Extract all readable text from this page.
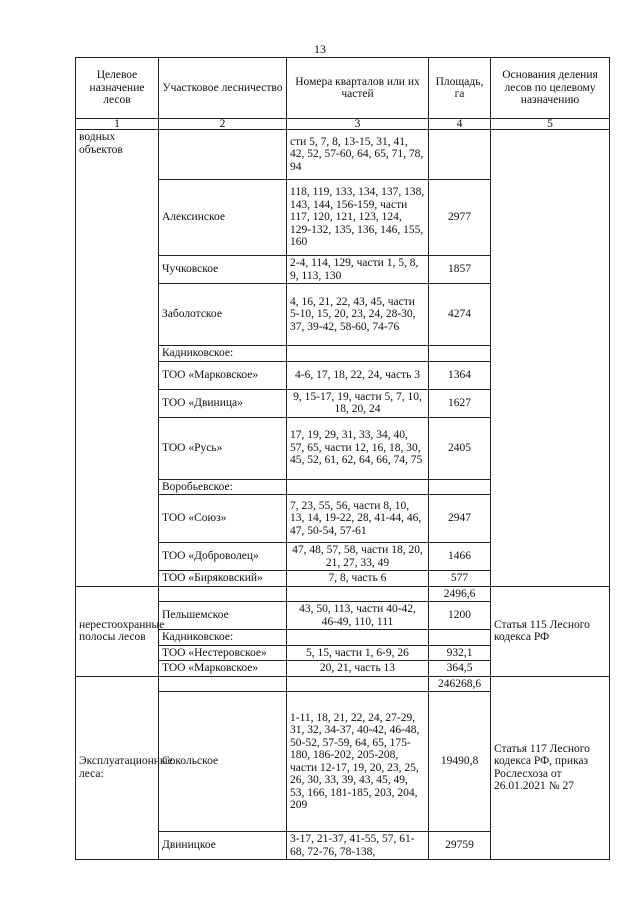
13
Целевое назначение лесов	Участковое лесничество	Номера кварталов или их частей	Площадь, га	Основания деления лесов по целевому назначению
1	2	3	4	5
водных объектов		сти 5, 7, 8, 13-15, 31, 41, 42, 52, 57-60, 64, 65, 71, 78, 94		
	Алексинское	118, 119, 133, 134, 137, 138, 143, 144, 156-159, части 117, 120, 121, 123, 124, 129-132, 135, 136, 146, 155, 160	2977	
	Чучковское	2-4, 114, 129, части 1, 5, 8, 9, 113, 130	1857	
	Заболотское	4, 16, 21, 22, 43, 45, части 5-10, 15, 20, 23, 24, 28-30, 37, 39-42, 58-60, 74-76	4274	
	Кадниковское:			
	ТОО «Марковское»	4-6, 17, 18, 22, 24, часть 3	1364	
	ТОО «Двиница»	9, 15-17, 19, части 5, 7, 10, 18, 20, 24	1627	
	ТОО «Русь»	17, 19, 29, 31, 33, 34, 40, 57, 65, части 12, 16, 18, 30, 45, 52, 61, 62, 64, 66, 74, 75	2405	
	Воробьевское:			
	ТОО «Союз»	7, 23, 55, 56, части 8, 10, 13, 14, 19-22, 28, 41-44, 46, 47, 50-54, 57-61	2947	
	ТОО «Доброволец»	47, 48, 57, 58, части 18, 20, 21, 27, 33, 49	1466	
	ТОО «Биряковский»	7, 8, часть 6	577	
нерестоохранные полосы лесов			2496,6	Статья 115 Лесного кодекса РФ
	Пельшемское	43, 50, 113, части 40-42, 46-49, 110, 111	1200	
	Кадниковское:			
	ТОО «Нестеровское»	5, 15, части 1, 6-9, 26	932,1	
	ТОО «Марковское»	20, 21, часть 13	364,5	
Эксплуатационные леса:			246268,6	Статья 117 Лесного кодекса РФ, приказ Рослесхоза от 26.01.2021 № 27
	Сокольское	1-11, 18, 21, 22, 24, 27-29, 31, 32, 34-37, 40-42, 46-48, 50-52, 57-59, 64, 65, 175-180, 186-202, 205-208, части 12-17, 19, 20, 23, 25, 26, 30, 33, 39, 43, 45, 49, 53, 166, 181-185, 203, 204, 209	19490,8	
	Двиницкое	3-17, 21-37, 41-55, 57, 61-68, 72-76, 78-138,	29759	
